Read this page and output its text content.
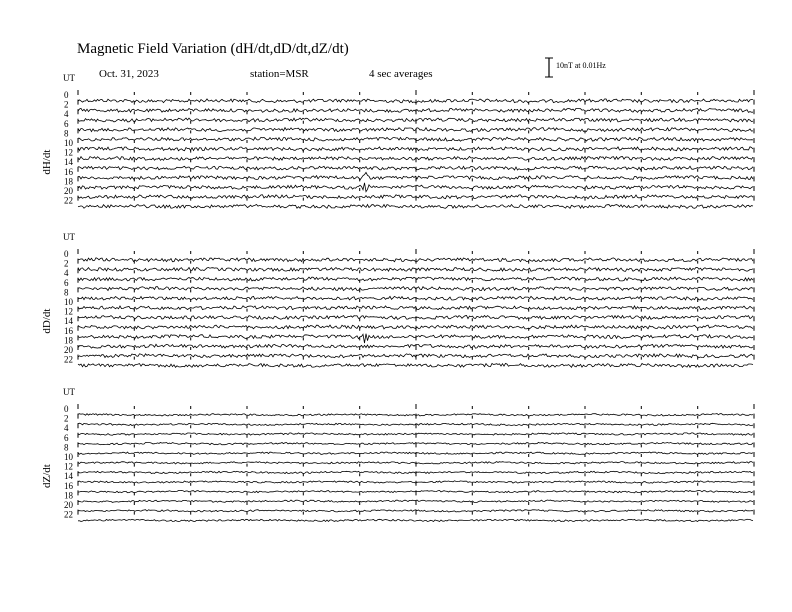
Magnetic Field Variation (dH/dt,dD/dt,dZ/dt)
Oct. 31, 2023	station=MSR	4 sec averages
10nT at 0.01Hz
dH/dt
UT
0
2
4
6
8
10
12
14
16
18
20
22
dD/dt
UT
0
2
4
6
8
10
12
14
16
18
20
22
dZ/dt
UT
0
2
4
6
8
10
12
14
16
18
20
22
